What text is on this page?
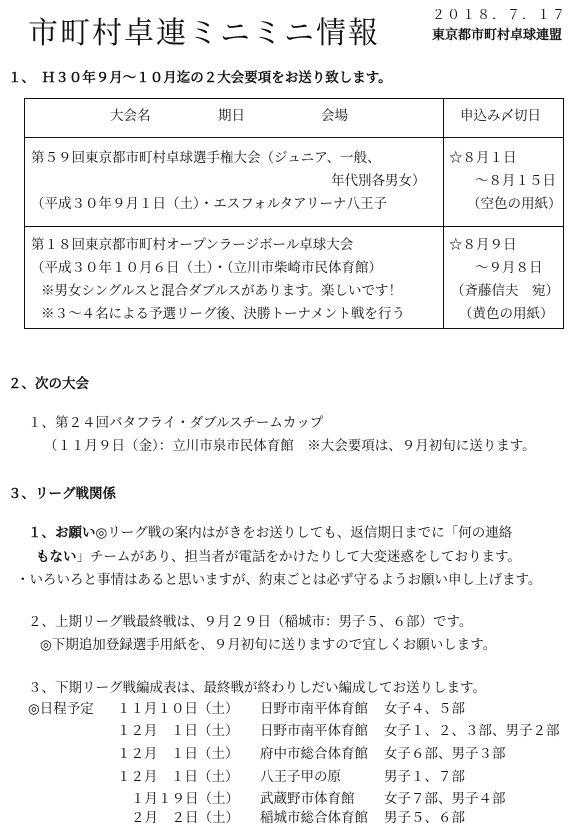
市町村卓連ミニミニ情報
２０１８．７．１７
東京都市町村卓球連盟
１、　Ｈ３０年９月～１０月迄の２大会要項をお送り致します。
大会名	期日	会場	申込み〆切日
第５９回東京都市町村卓球選手権大会（ジュニア、一般、
年代別各男女）
（平成３０年９月１日（土）・エスフォルタアリーナ八王子
☆８月１日
～８月１５日
（空色の用紙）
第１８回東京都市町村オープンラージボール卓球大会
（平成３０年１０月６日（土）・（立川市柴崎市民体育館）
※男女シングルスと混合ダブルスがあります。楽しいです！
※３～４名による予選リーグ後、決勝トーナメント戦を行う
☆８月９日
～９月８日
（斉藤信夫　宛）
（黄色の用紙）
２、次の大会
１、第２４回バタフライ・ダブルスチームカップ
（１１月９日（金）：立川市泉市民体育館　※大会要項は、９月初旬に送ります。
３、リーグ戦関係
１、お願い◎リーグ戦の案内はがきをお送りしても、返信期日までに「何の連絡
もない」チームがあり、担当者が電話をかけたりして大変迷惑をしております。
・いろいろと事情はあると思いますが、約束ごとは必ず守るようお願い申し上げます。
２、上期リーグ戦最終戦は、９月２９日（稲城市：男子５、６部）です。
◎下期追加登録選手用紙を、９月初旬に送りますので宜しくお願いします。
３、下期リーグ戦編成表は、最終戦が終わりしだい編成してお送りします。
◎日程予定 １１月１０日（土） 日野市南平体育館 女子４、５部
１２月　１日（土） 日野市南平体育館 女子１、２、３部、男子２部
１２月　１日（土） 府中市総合体育館 女子６部、男子３部
１２月　１日（土） 八王子甲の原	男子１、７部
１月１９日（土） 武蔵野市体育館 女子７部、男子４部
２月　２日（土） 稲城市総合体育館 男子５、６部
